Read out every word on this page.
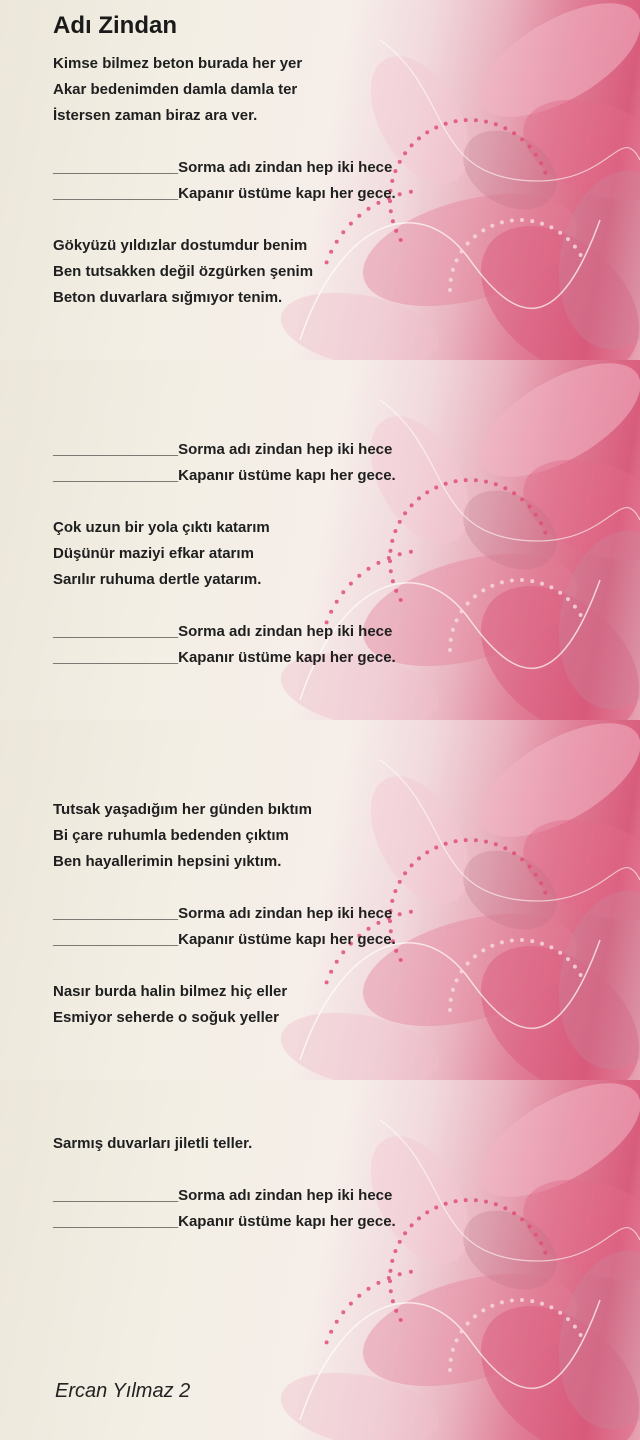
Adı Zindan
Kimse bilmez beton burada her yer
Akar bedenimden damla damla ter
İstersen zaman biraz ara ver.
_______________Sorma adı zindan hep iki hece
_______________Kapanır üstüme kapı her gece.
Gökyüzü yıldızlar dostumdur benim
Ben tutsakken değil özgürken şenim
Beton duvarlara sığmıyor tenim.
_______________Sorma adı zindan hep iki hece
_______________Kapanır üstüme kapı her gece.
Çok uzun bir yola çıktı katarım
Düşünür maziyi efkar atarım
Sarılır ruhuma dertle yatarım.
_______________Sorma adı zindan hep iki hece
_______________Kapanır üstüme kapı her gece.
Tutsak yaşadığım her günden bıktım
Bi çare ruhumla bedenden çıktım
Ben hayallerimin hepsini yıktım.
_______________Sorma adı zindan hep iki hece
_______________Kapanır üstüme kapı her gece.
Nasır burda halin bilmez hiç eller
Esmiyor seherde o soğuk yeller
Sarmış duvarları jiletli teller.
_______________Sorma adı zindan hep iki hece
_______________Kapanır üstüme kapı her gece.
Ercan Yılmaz 2
